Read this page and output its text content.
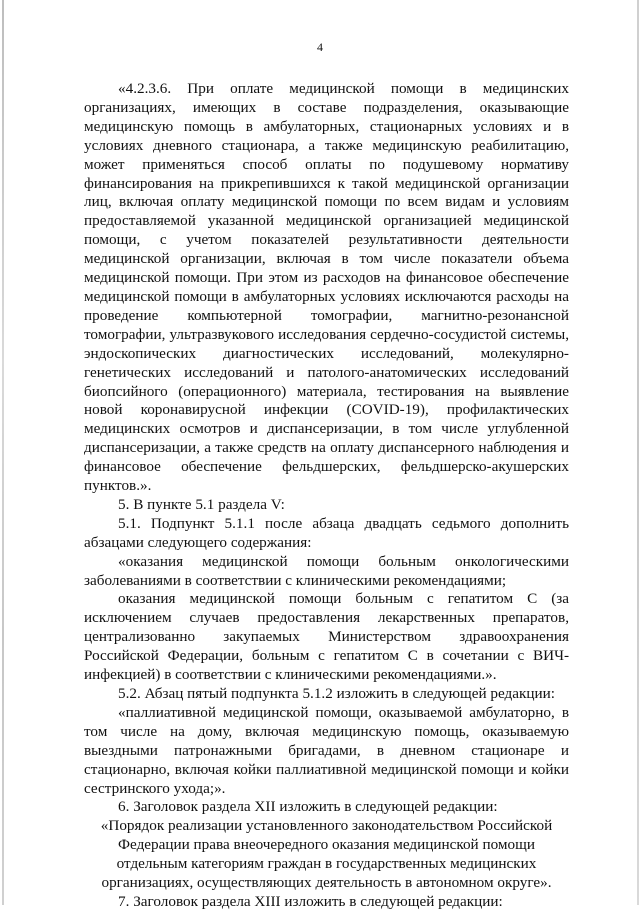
4

«4.2.3.6. При оплате медицинской помощи в медицинских организациях, имеющих в составе подразделения, оказывающие медицинскую помощь в амбулаторных, стационарных условиях и в условиях дневного стационара, а также медицинскую реабилитацию, может применяться способ оплаты по подушевому нормативу финансирования на прикрепившихся к такой медицинской организации лиц, включая оплату медицинской помощи по всем видам и условиям предоставляемой указанной медицинской организацией медицинской помощи, с учетом показателей результативности деятельности медицинской организации, включая в том числе показатели объема медицинской помощи. При этом из расходов на финансовое обеспечение медицинской помощи в амбулаторных условиях исключаются расходы на проведение компьютерной томографии, магнитно-резонансной томографии, ультразвукового исследования сердечно-сосудистой системы, эндоскопических диагностических исследований, молекулярно-генетических исследований и патолого-анатомических исследований биопсийного (операционного) материала, тестирования на выявление новой коронавирусной инфекции (COVID-19), профилактических медицинских осмотров и диспансеризации, в том числе углубленной диспансеризации, а также средств на оплату диспансерного наблюдения и финансовое обеспечение фельдшерских, фельдшерско-акушерских пунктов.».

5. В пункте 5.1 раздела V:

5.1. Подпункт 5.1.1 после абзаца двадцать седьмого дополнить абзацами следующего содержания:

«оказания медицинской помощи больным онкологическими заболеваниями в соответствии с клиническими рекомендациями;

оказания медицинской помощи больным с гепатитом С (за исключением случаев предоставления лекарственных препаратов, централизованно закупаемых Министерством здравоохранения Российской Федерации, больным с гепатитом С в сочетании с ВИЧ-инфекцией) в соответствии с клиническими рекомендациями.».

5.2. Абзац пятый подпункта 5.1.2 изложить в следующей редакции:

«паллиативной медицинской помощи, оказываемой амбулаторно, в том числе на дому, включая медицинскую помощь, оказываемую выездными патронажными бригадами, в дневном стационаре и стационарно, включая койки паллиативной медицинской помощи и койки сестринского ухода;».

6. Заголовок раздела XII изложить в следующей редакции:

«Порядок реализации установленного законодательством Российской Федерации права внеочередного оказания медицинской помощи отдельным категориям граждан в государственных медицинских организациях, осуществляющих деятельность в автономном округе».

7. Заголовок раздела XIII изложить в следующей редакции:
